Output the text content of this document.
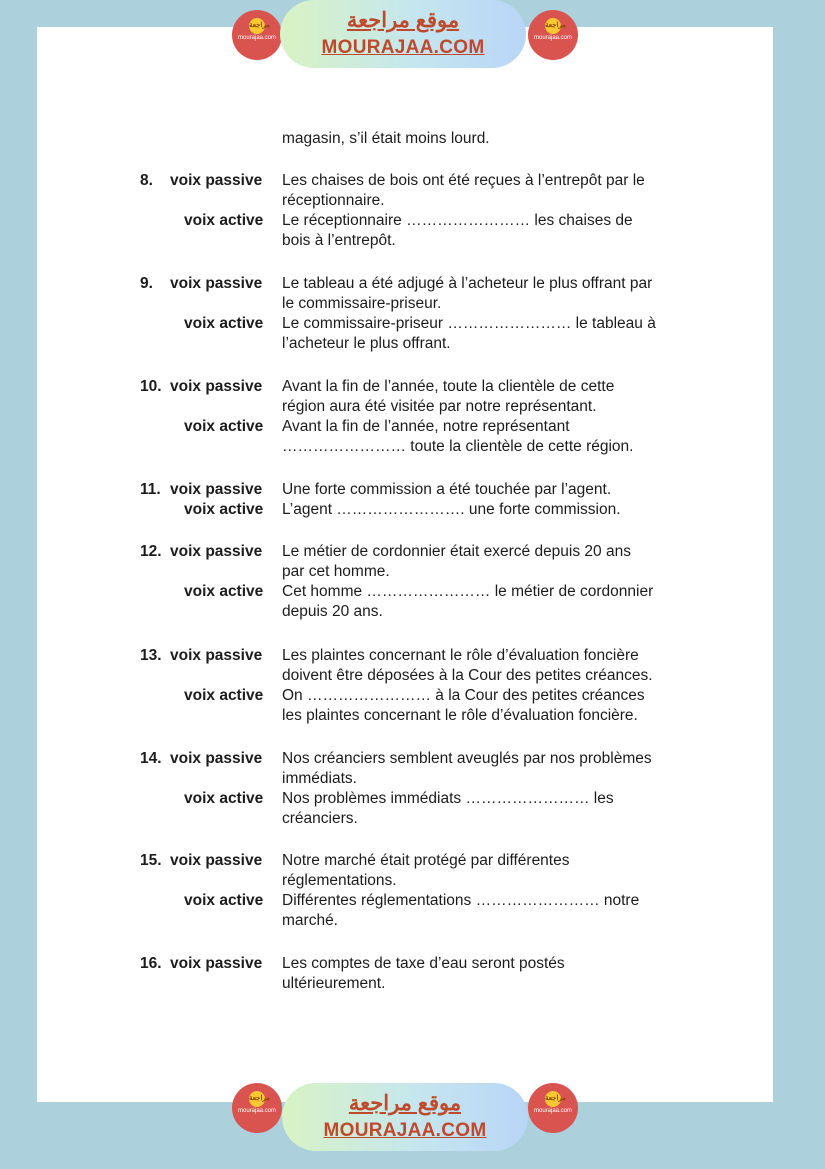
مراجعة
mourajaa.com
موقع مراجعة
MOURAJAA.COM
مراجعة
mourajaa.com
مراجعة
mourajaa.com	موقع مراجعة
MOURAJAA.COM
مراجعة
mourajaa.com
magasin, s’il était moins lourd.
8. voix passive Les chaises de bois ont été reçues à l’entrepôt par le
réceptionnaire.
voix active Le réceptionnaire …………………… les chaises de
bois à l’entrepôt.
9. voix passive Le tableau a été adjugé à l’acheteur le plus offrant par
le commissaire-priseur.
voix active Le commissaire-priseur …………………… le tableau à
l’acheteur le plus offrant.
10. voix passive Avant la fin de l’année, toute la clientèle de cette
région aura été visitée par notre représentant.
voix active Avant la fin de l’année, notre représentant
…………………… toute la clientèle de cette région.
11. voix passive Une forte commission a été touchée par l’agent.
voix active L’agent ……………………. une forte commission.
12. voix passive Le métier de cordonnier était exercé depuis 20 ans
par cet homme.
voix active Cet homme …………………… le métier de cordonnier
depuis 20 ans.
13. voix passive Les plaintes concernant le rôle d’évaluation foncière
doivent être déposées à la Cour des petites créances.
voix active On …………………… à la Cour des petites créances
les plaintes concernant le rôle d’évaluation foncière.
14. voix passive Nos créanciers semblent aveuglés par nos problèmes
immédiats.
voix active Nos problèmes immédiats …………………… les
créanciers.
15. voix passive Notre marché était protégé par différentes
réglementations.
voix active Différentes réglementations …………………… notre
marché.
16. voix passive Les comptes de taxe d’eau seront postés
ultérieurement.
